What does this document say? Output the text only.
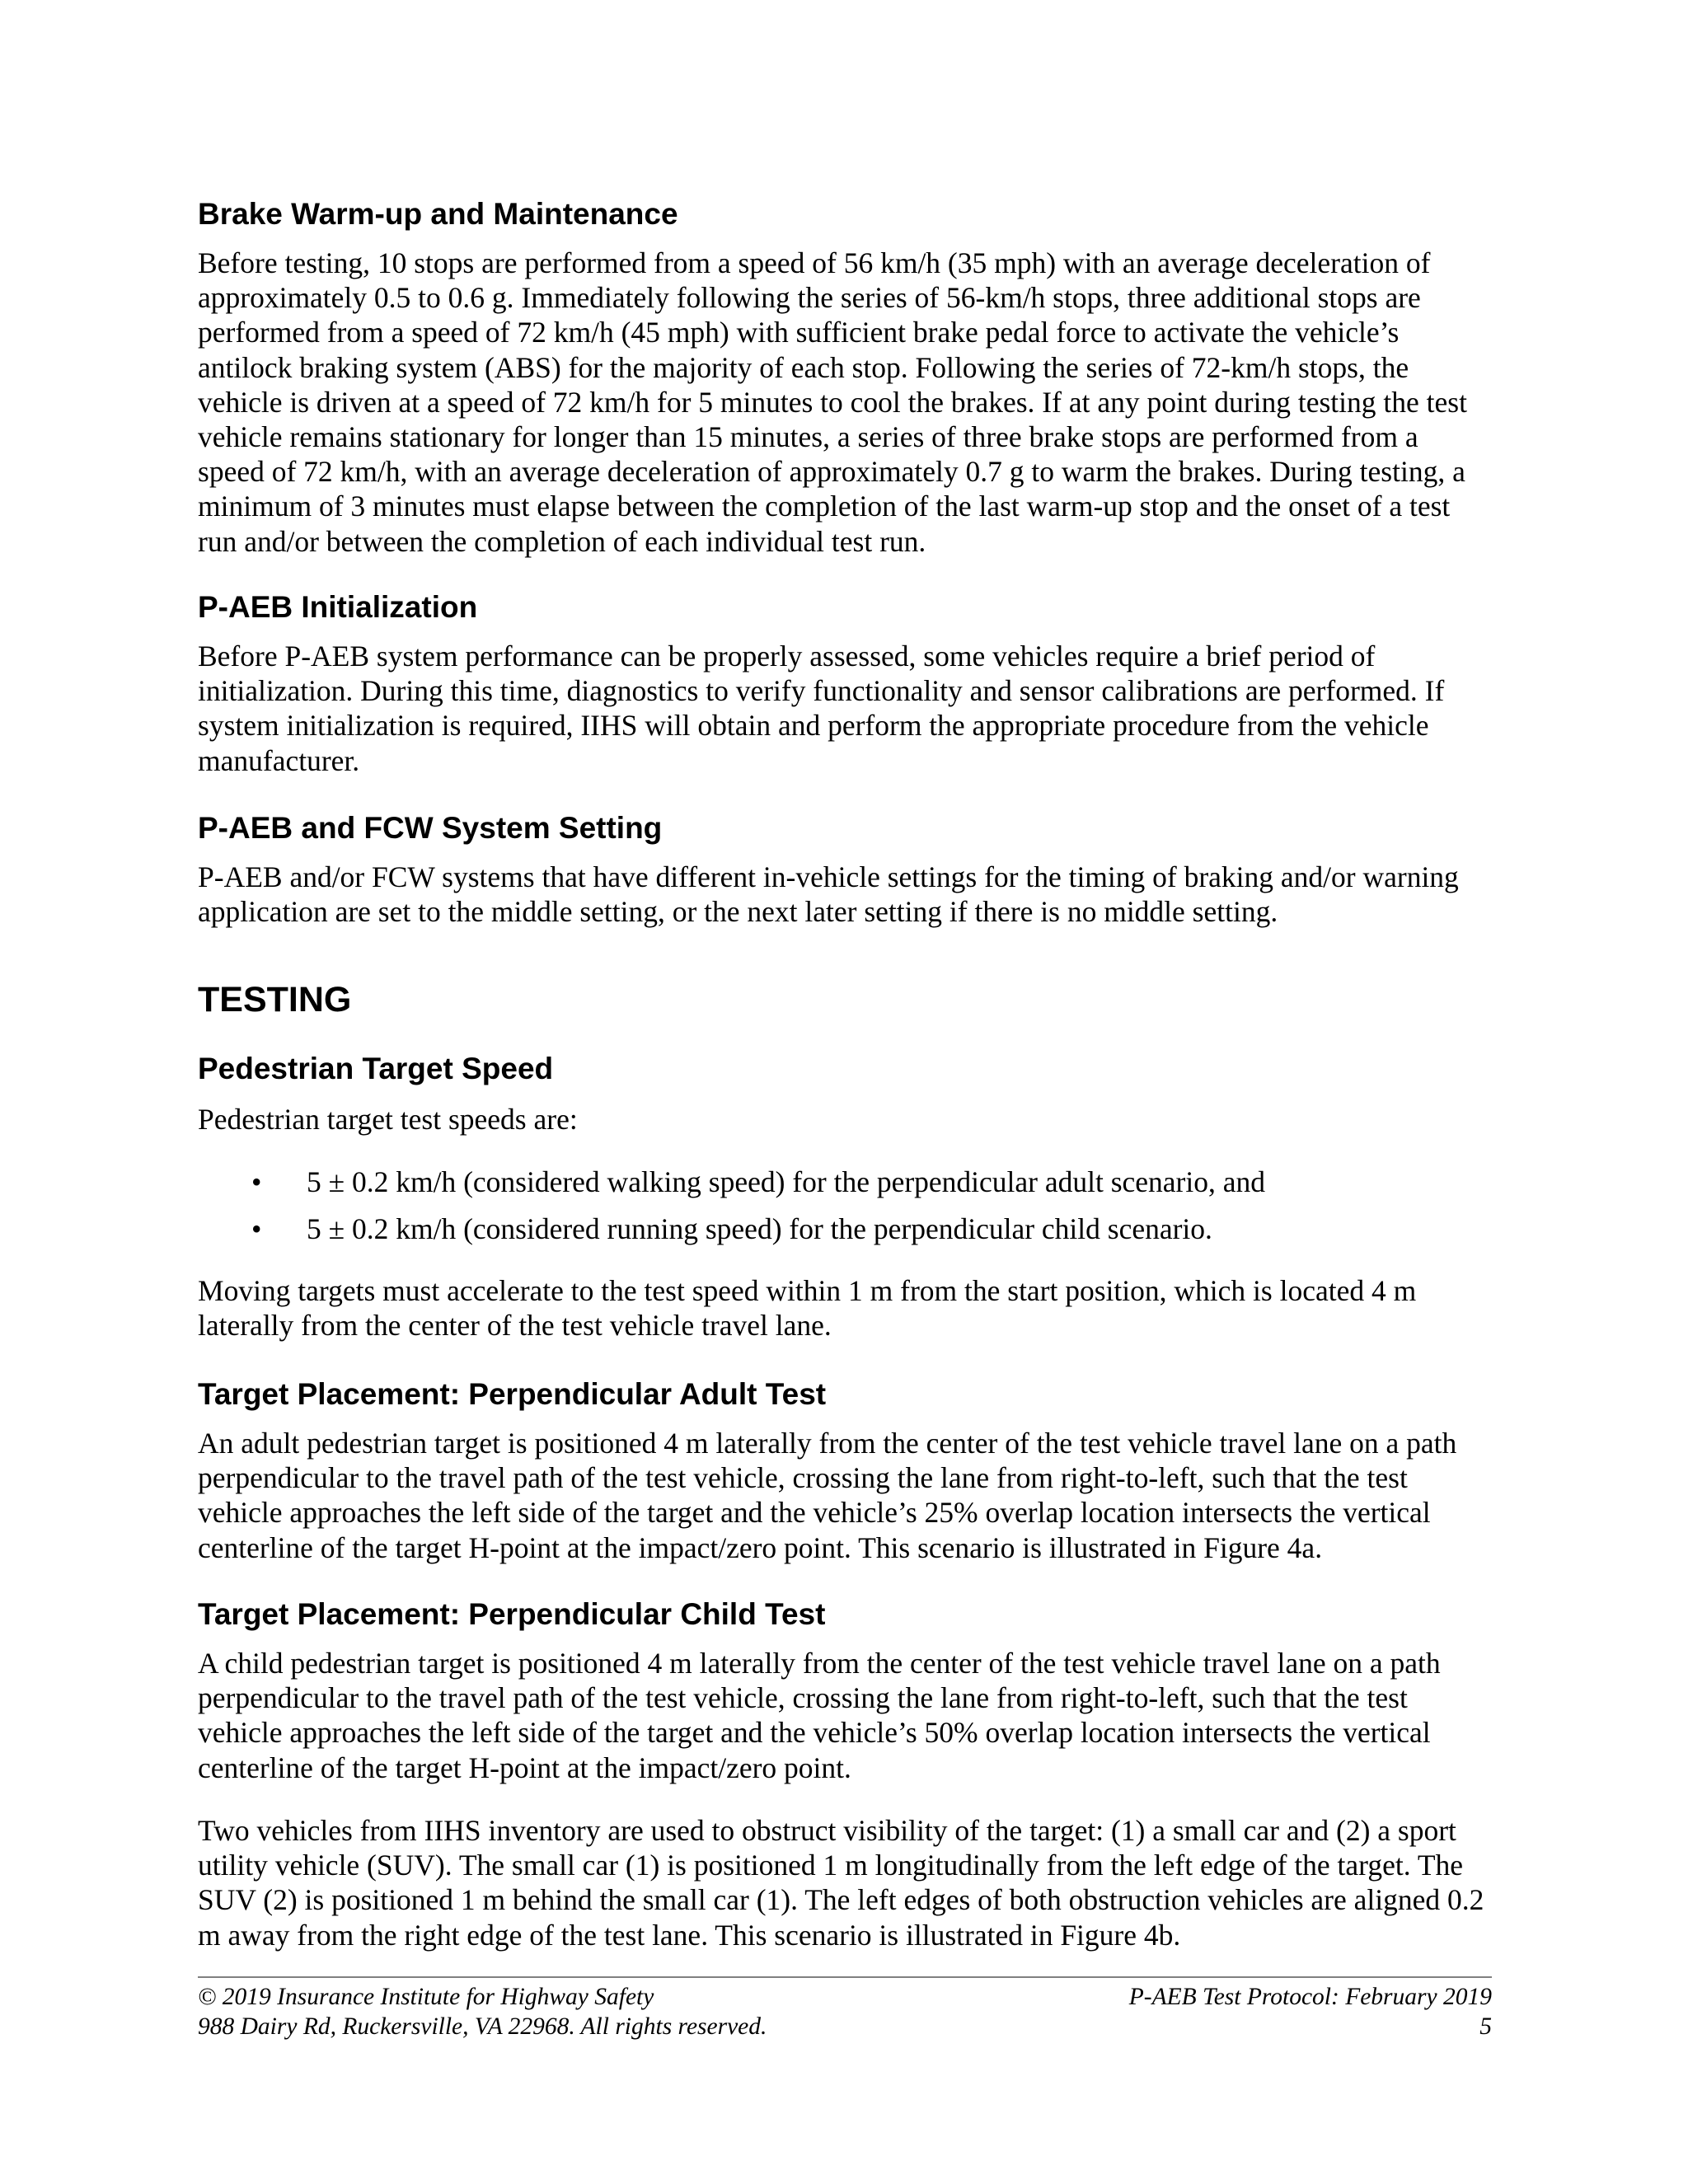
Brake Warm-up and Maintenance

Before testing, 10 stops are performed from a speed of 56 km/h (35 mph) with an average deceleration of approximately 0.5 to 0.6 g. Immediately following the series of 56-km/h stops, three additional stops are performed from a speed of 72 km/h (45 mph) with sufficient brake pedal force to activate the vehicle’s antilock braking system (ABS) for the majority of each stop. Following the series of 72-km/h stops, the vehicle is driven at a speed of 72 km/h for 5 minutes to cool the brakes. If at any point during testing the test vehicle remains stationary for longer than 15 minutes, a series of three brake stops are performed from a speed of 72 km/h, with an average deceleration of approximately 0.7 g to warm the brakes. During testing, a minimum of 3 minutes must elapse between the completion of the last warm-up stop and the onset of a test run and/or between the completion of each individual test run.

P-AEB Initialization

Before P-AEB system performance can be properly assessed, some vehicles require a brief period of initialization. During this time, diagnostics to verify functionality and sensor calibrations are performed. If system initialization is required, IIHS will obtain and perform the appropriate procedure from the vehicle manufacturer.

P-AEB and FCW System Setting

P-AEB and/or FCW systems that have different in-vehicle settings for the timing of braking and/or warning application are set to the middle setting, or the next later setting if there is no middle setting.

TESTING
Pedestrian Target Speed

Pedestrian target test speeds are:

• 5 ± 0.2 km/h (considered walking speed) for the perpendicular adult scenario, and
• 5 ± 0.2 km/h (considered running speed) for the perpendicular child scenario.

Moving targets must accelerate to the test speed within 1 m from the start position, which is located 4 m laterally from the center of the test vehicle travel lane.

Target Placement: Perpendicular Adult Test

An adult pedestrian target is positioned 4 m laterally from the center of the test vehicle travel lane on a path perpendicular to the travel path of the test vehicle, crossing the lane from right-to-left, such that the test vehicle approaches the left side of the target and the vehicle’s 25% overlap location intersects the vertical centerline of the target H-point at the impact/zero point. This scenario is illustrated in Figure 4a.

Target Placement: Perpendicular Child Test

A child pedestrian target is positioned 4 m laterally from the center of the test vehicle travel lane on a path perpendicular to the travel path of the test vehicle, crossing the lane from right-to-left, such that the test vehicle approaches the left side of the target and the vehicle’s 50% overlap location intersects the vertical centerline of the target H-point at the impact/zero point.

Two vehicles from IIHS inventory are used to obstruct visibility of the target: (1) a small car and (2) a sport utility vehicle (SUV). The small car (1) is positioned 1 m longitudinally from the left edge of the target. The SUV (2) is positioned 1 m behind the small car (1). The left edges of both obstruction vehicles are aligned 0.2 m away from the right edge of the test lane. This scenario is illustrated in Figure 4b.

© 2019 Insurance Institute for Highway Safety	P-AEB Test Protocol: February 2019
988 Dairy Rd, Ruckersville, VA 22968. All rights reserved.	5
